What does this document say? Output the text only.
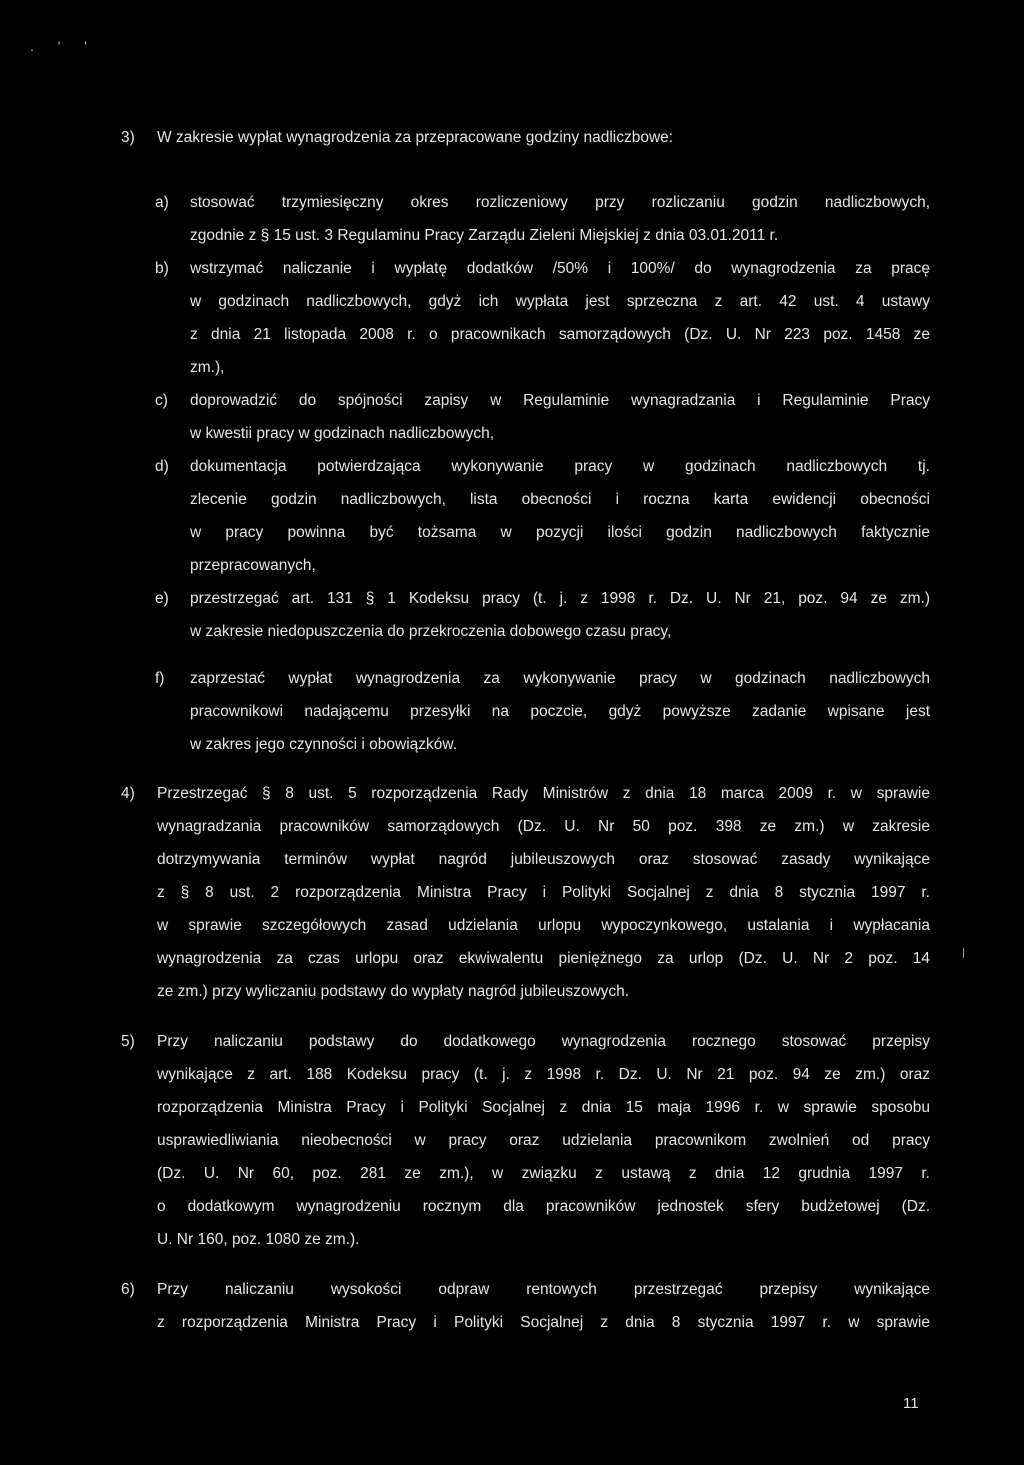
. ' '
3) W zakresie wypłat wynagrodzenia za przepracowane godziny nadliczbowe:
a) stosować trzymiesięczny okres rozliczeniowy przy rozliczaniu godzin nadliczbowych,
zgodnie z § 15 ust. 3 Regulaminu Pracy Zarządu Zieleni Miejskiej z dnia 03.01.2011 r.
b) wstrzymać naliczanie i wypłatę dodatków /50% i 100%/ do wynagrodzenia za pracę
w godzinach nadliczbowych, gdyż ich wypłata jest sprzeczna z art. 42 ust. 4 ustawy
z dnia 21 listopada 2008 r. o pracownikach samorządowych (Dz. U. Nr 223 poz. 1458 ze
zm.),
c) doprowadzić do spójności zapisy w Regulaminie wynagradzania i Regulaminie Pracy
w kwestii pracy w godzinach nadliczbowych,
d) dokumentacja potwierdzająca wykonywanie pracy w godzinach nadliczbowych tj.
zlecenie godzin nadliczbowych, lista obecności i roczna karta ewidencji obecności
w pracy powinna być tożsama w pozycji ilości godzin nadliczbowych faktycznie
przepracowanych,
e) przestrzegać art. 131 § 1 Kodeksu pracy (t. j. z 1998 r. Dz. U. Nr 21, poz. 94 ze zm.)
w zakresie niedopuszczenia do przekroczenia dobowego czasu pracy,
f) zaprzestać wypłat wynagrodzenia za wykonywanie pracy w godzinach nadliczbowych
pracownikowi nadającemu przesyłki na poczcie, gdyż powyższe zadanie wpisane jest
w zakres jego czynności i obowiązków.
4) Przestrzegać § 8 ust. 5 rozporządzenia Rady Ministrów z dnia 18 marca 2009 r. w sprawie
wynagradzania pracowników samorządowych (Dz. U. Nr 50 poz. 398 ze zm.) w zakresie
dotrzymywania terminów wypłat nagród jubileuszowych oraz stosować zasady wynikające
z § 8 ust. 2 rozporządzenia Ministra Pracy i Polityki Socjalnej z dnia 8 stycznia 1997 r.
w sprawie szczegółowych zasad udzielania urlopu wypoczynkowego, ustalania i wypłacania
wynagrodzenia za czas urlopu oraz ekwiwalentu pieniężnego za urlop (Dz. U. Nr 2 poz. 14
ze zm.) przy wyliczaniu podstawy do wypłaty nagród jubileuszowych.
5) Przy naliczaniu podstawy do dodatkowego wynagrodzenia rocznego stosować przepisy
wynikające z art. 188 Kodeksu pracy (t. j. z 1998 r. Dz. U. Nr 21 poz. 94 ze zm.) oraz
rozporządzenia Ministra Pracy i Polityki Socjalnej z dnia 15 maja 1996 r. w sprawie sposobu
usprawiedliwiania nieobecności w pracy oraz udzielania pracownikom zwolnień od pracy
(Dz. U. Nr 60, poz. 281 ze zm.), w związku z ustawą z dnia 12 grudnia 1997 r.
o dodatkowym wynagrodzeniu rocznym dla pracowników jednostek sfery budżetowej (Dz.
U. Nr 160, poz. 1080 ze zm.).
6) Przy naliczaniu wysokości odpraw rentowych przestrzegać przepisy wynikające
z rozporządzenia Ministra Pracy i Polityki Socjalnej z dnia 8 stycznia 1997 r. w sprawie
11
